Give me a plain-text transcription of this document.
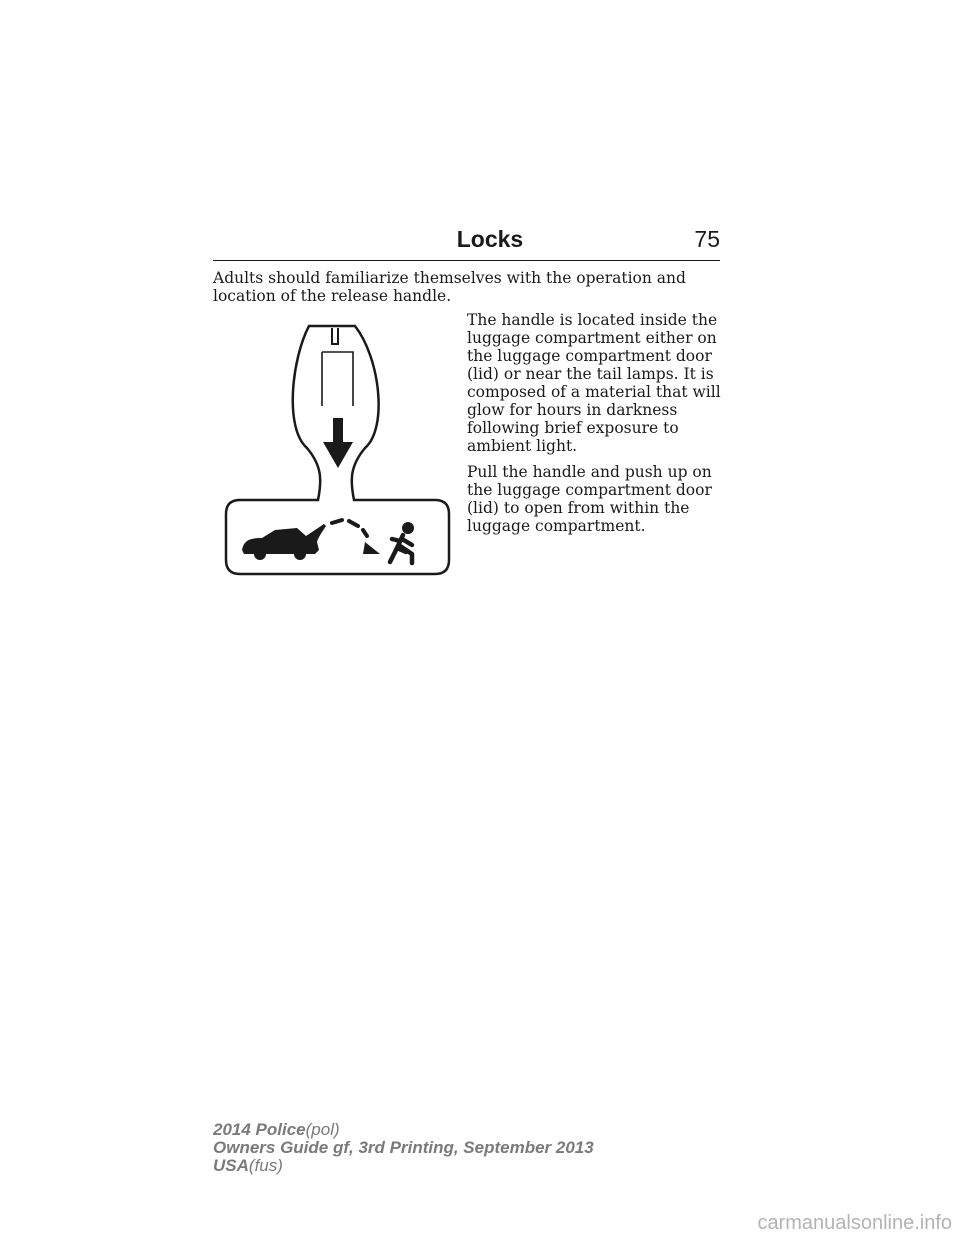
Locks	75

Adults should familiarize themselves with the operation and location of the release handle.

The handle is located inside the luggage compartment either on the luggage compartment door (lid) or near the tail lamps. It is composed of a material that will glow for hours in darkness following brief exposure to ambient light.

Pull the handle and push up on the luggage compartment door (lid) to open from within the luggage compartment.

2014 Police(pol)
Owners Guide gf, 3rd Printing, September 2013
USA(fus)
carmanualsonline.info
